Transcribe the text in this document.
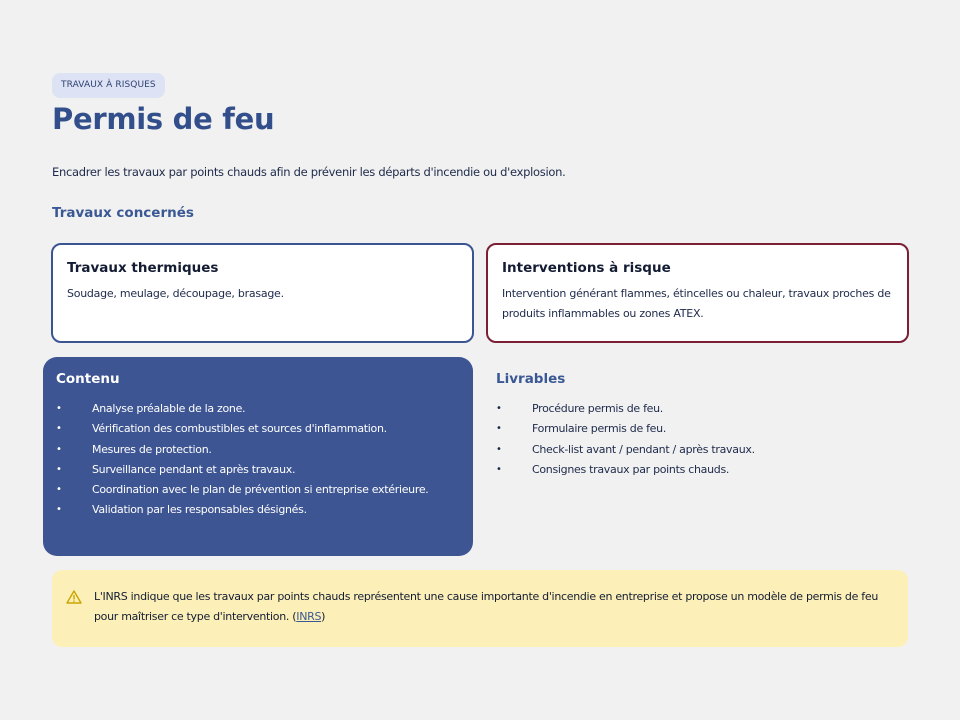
TRAVAUX À RISQUES
Permis de feu

Encadrer les travaux par points chauds afin de prévenir les départs d'incendie ou d'explosion.

Travaux concernés
Travaux thermiques

Soudage, meulage, découpage, brasage.

Interventions à risque

Intervention générant flammes, étincelles ou chaleur, travaux proches de produits inflammables ou zones ATEX.

Contenu
• Analyse préalable de la zone.
• Vérification des combustibles et sources d'inflammation.
• Mesures de protection.
• Surveillance pendant et après travaux.
• Coordination avec le plan de prévention si entreprise extérieure.
• Validation par les responsables désignés.
Livrables
• Procédure permis de feu.
• Formulaire permis de feu.
• Check-list avant / pendant / après travaux.
• Consignes travaux par points chauds.
L'INRS indique que les travaux par points chauds représentent une cause importante d'incendie en entreprise et propose un modèle de permis de feu pour maîtriser ce type d'intervention. (INRS)
